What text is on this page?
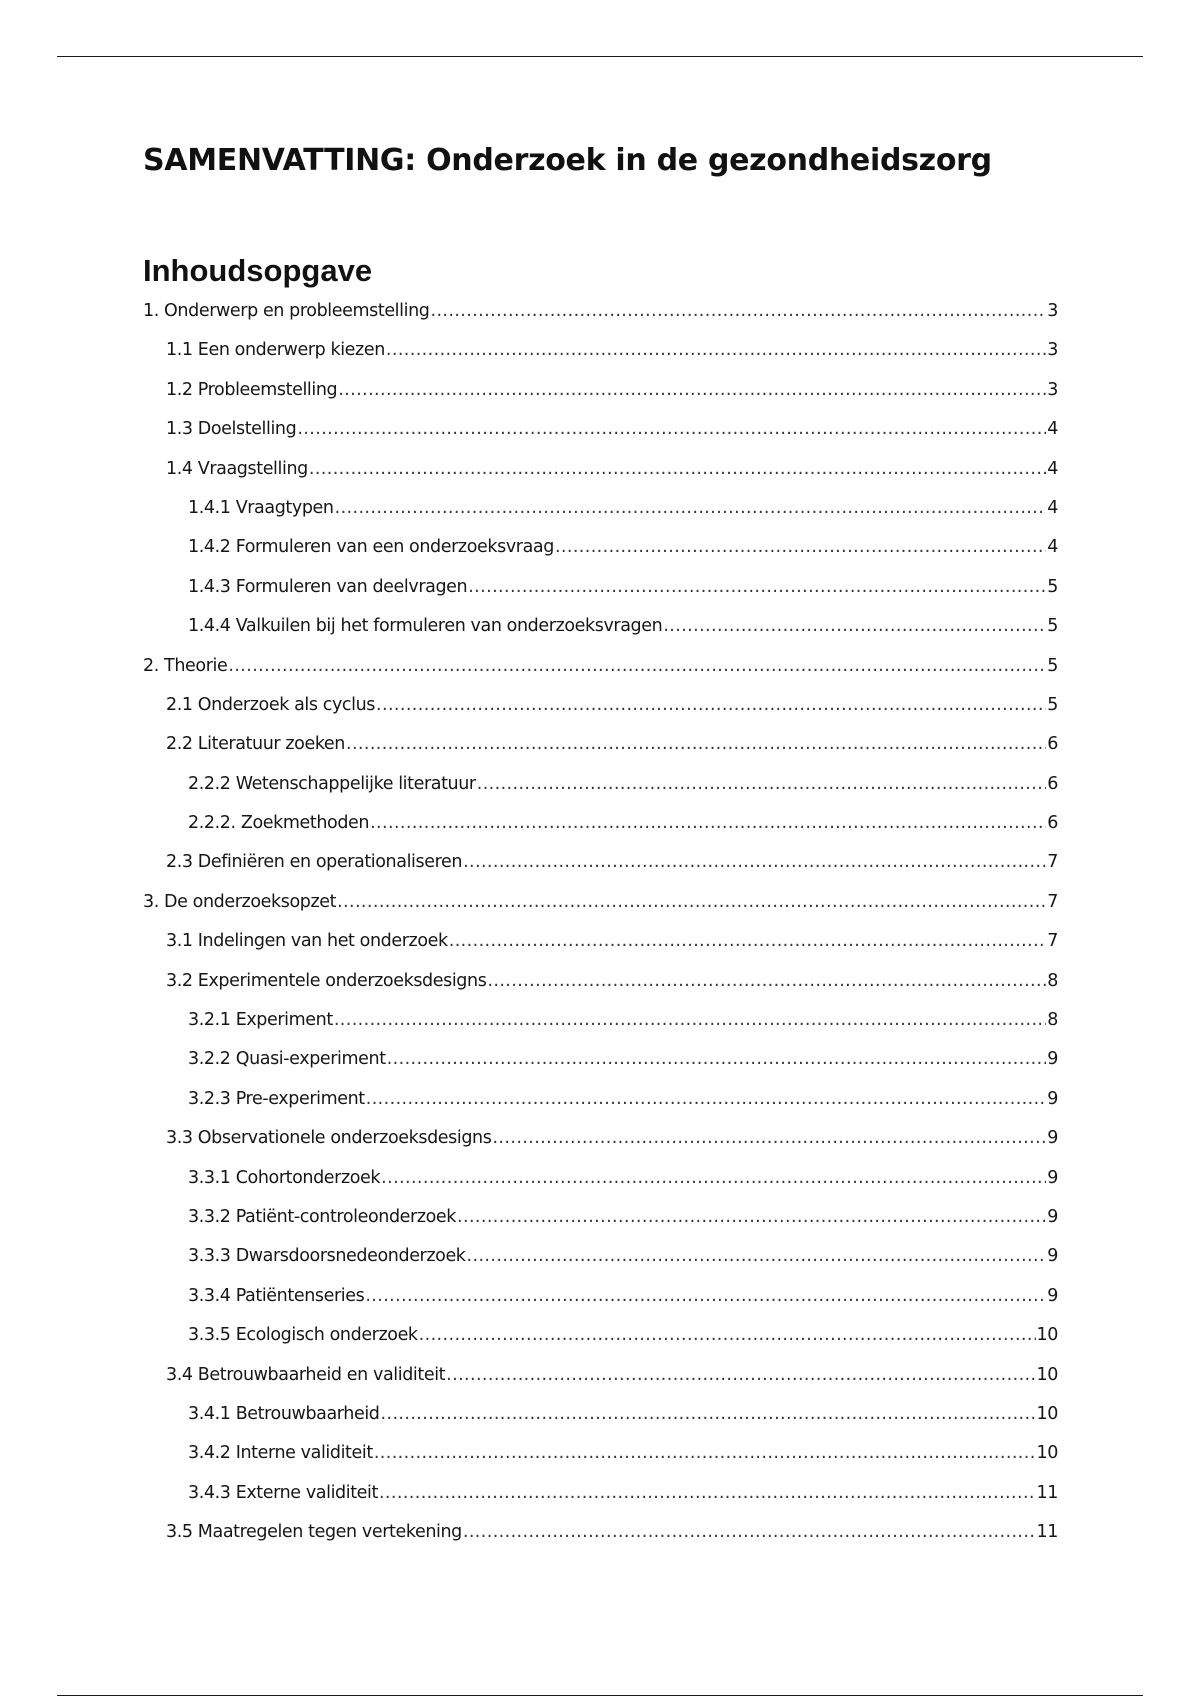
SAMENVATTING: Onderzoek in de gezondheidszorg
Inhoudsopgave
1. Onderwerp en probleemstelling .....	3
1.1 Een onderwerp kiezen .....	3
1.2 Probleemstelling .....	3
1.3 Doelstelling .....	4
1.4 Vraagstelling .....	4
1.4.1 Vraagtypen .....	4
1.4.2 Formuleren van een onderzoeksvraag .....	4
1.4.3 Formuleren van deelvragen .....	5
1.4.4 Valkuilen bij het formuleren van onderzoeksvragen .....	5
2. Theorie .....	5
2.1 Onderzoek als cyclus .....	5
2.2 Literatuur zoeken .....	6
2.2.2 Wetenschappelijke literatuur .....	6
2.2.2. Zoekmethoden .....	6
2.3 Definiëren en operationaliseren .....	7
3. De onderzoeksopzet .....	7
3.1 Indelingen van het onderzoek .....	7
3.2 Experimentele onderzoeksdesigns .....	8
3.2.1 Experiment .....	8
3.2.2 Quasi-experiment .....	9
3.2.3 Pre-experiment .....	9
3.3 Observationele onderzoeksdesigns .....	9
3.3.1 Cohortonderzoek .....	9
3.3.2 Patiënt-controleonderzoek .....	9
3.3.3 Dwarsdoorsnedeonderzoek .....	9
3.3.4 Patiëntenseries .....	9
3.3.5 Ecologisch onderzoek .....	10
3.4 Betrouwbaarheid en validiteit .....	10
3.4.1 Betrouwbaarheid .....	10
3.4.2 Interne validiteit .....	10
3.4.3 Externe validiteit .....	11
3.5 Maatregelen tegen vertekening .....	11
